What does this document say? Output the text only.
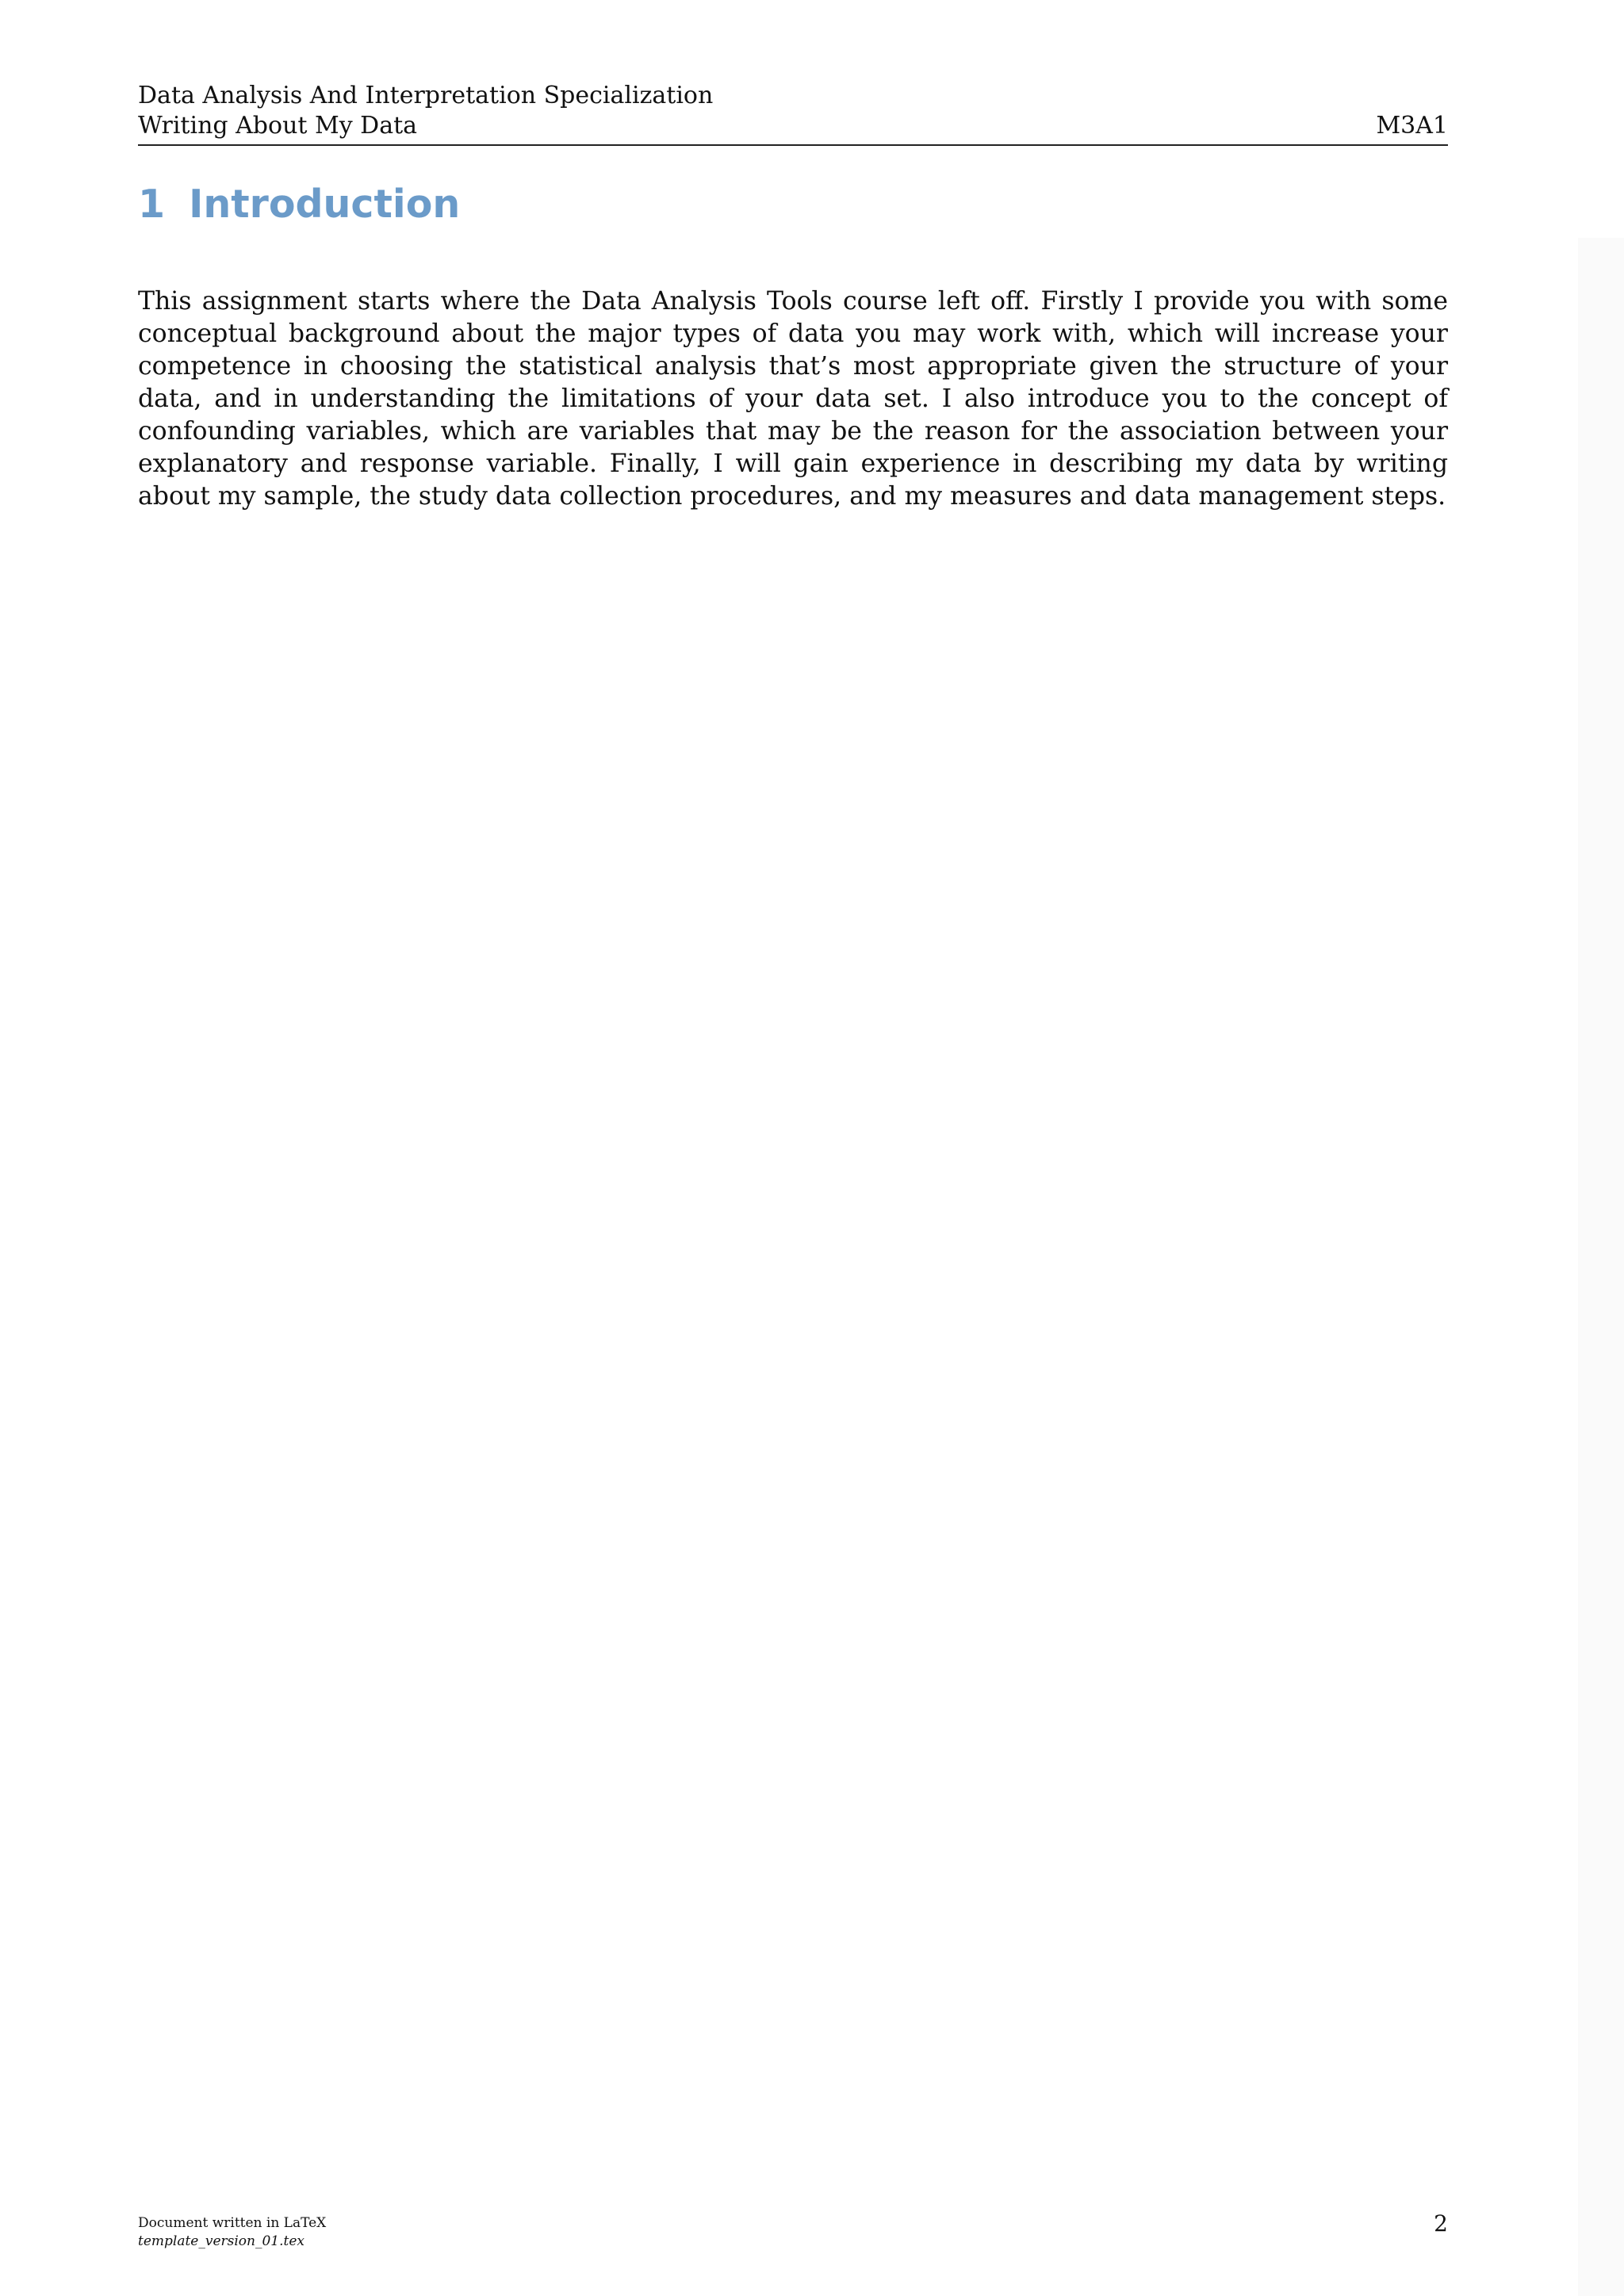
Data Analysis And Interpretation Specialization
Writing About My Data	M3A1
1 Introduction

This assignment starts where the Data Analysis Tools course left off. Firstly I provide you with some conceptual background about the major types of data you may work with, which will increase your competence in choosing the statistical analysis that’s most appropriate given the structure of your data, and in understanding the limitations of your data set. I also introduce you to the concept of confounding variables, which are variables that may be the reason for the association between your explanatory and response variable. Finally, I will gain experience in describing my data by writing about my sample, the study data collection procedures, and my measures and data management steps.

Document written in LaTeX
template_version_01.tex
2
